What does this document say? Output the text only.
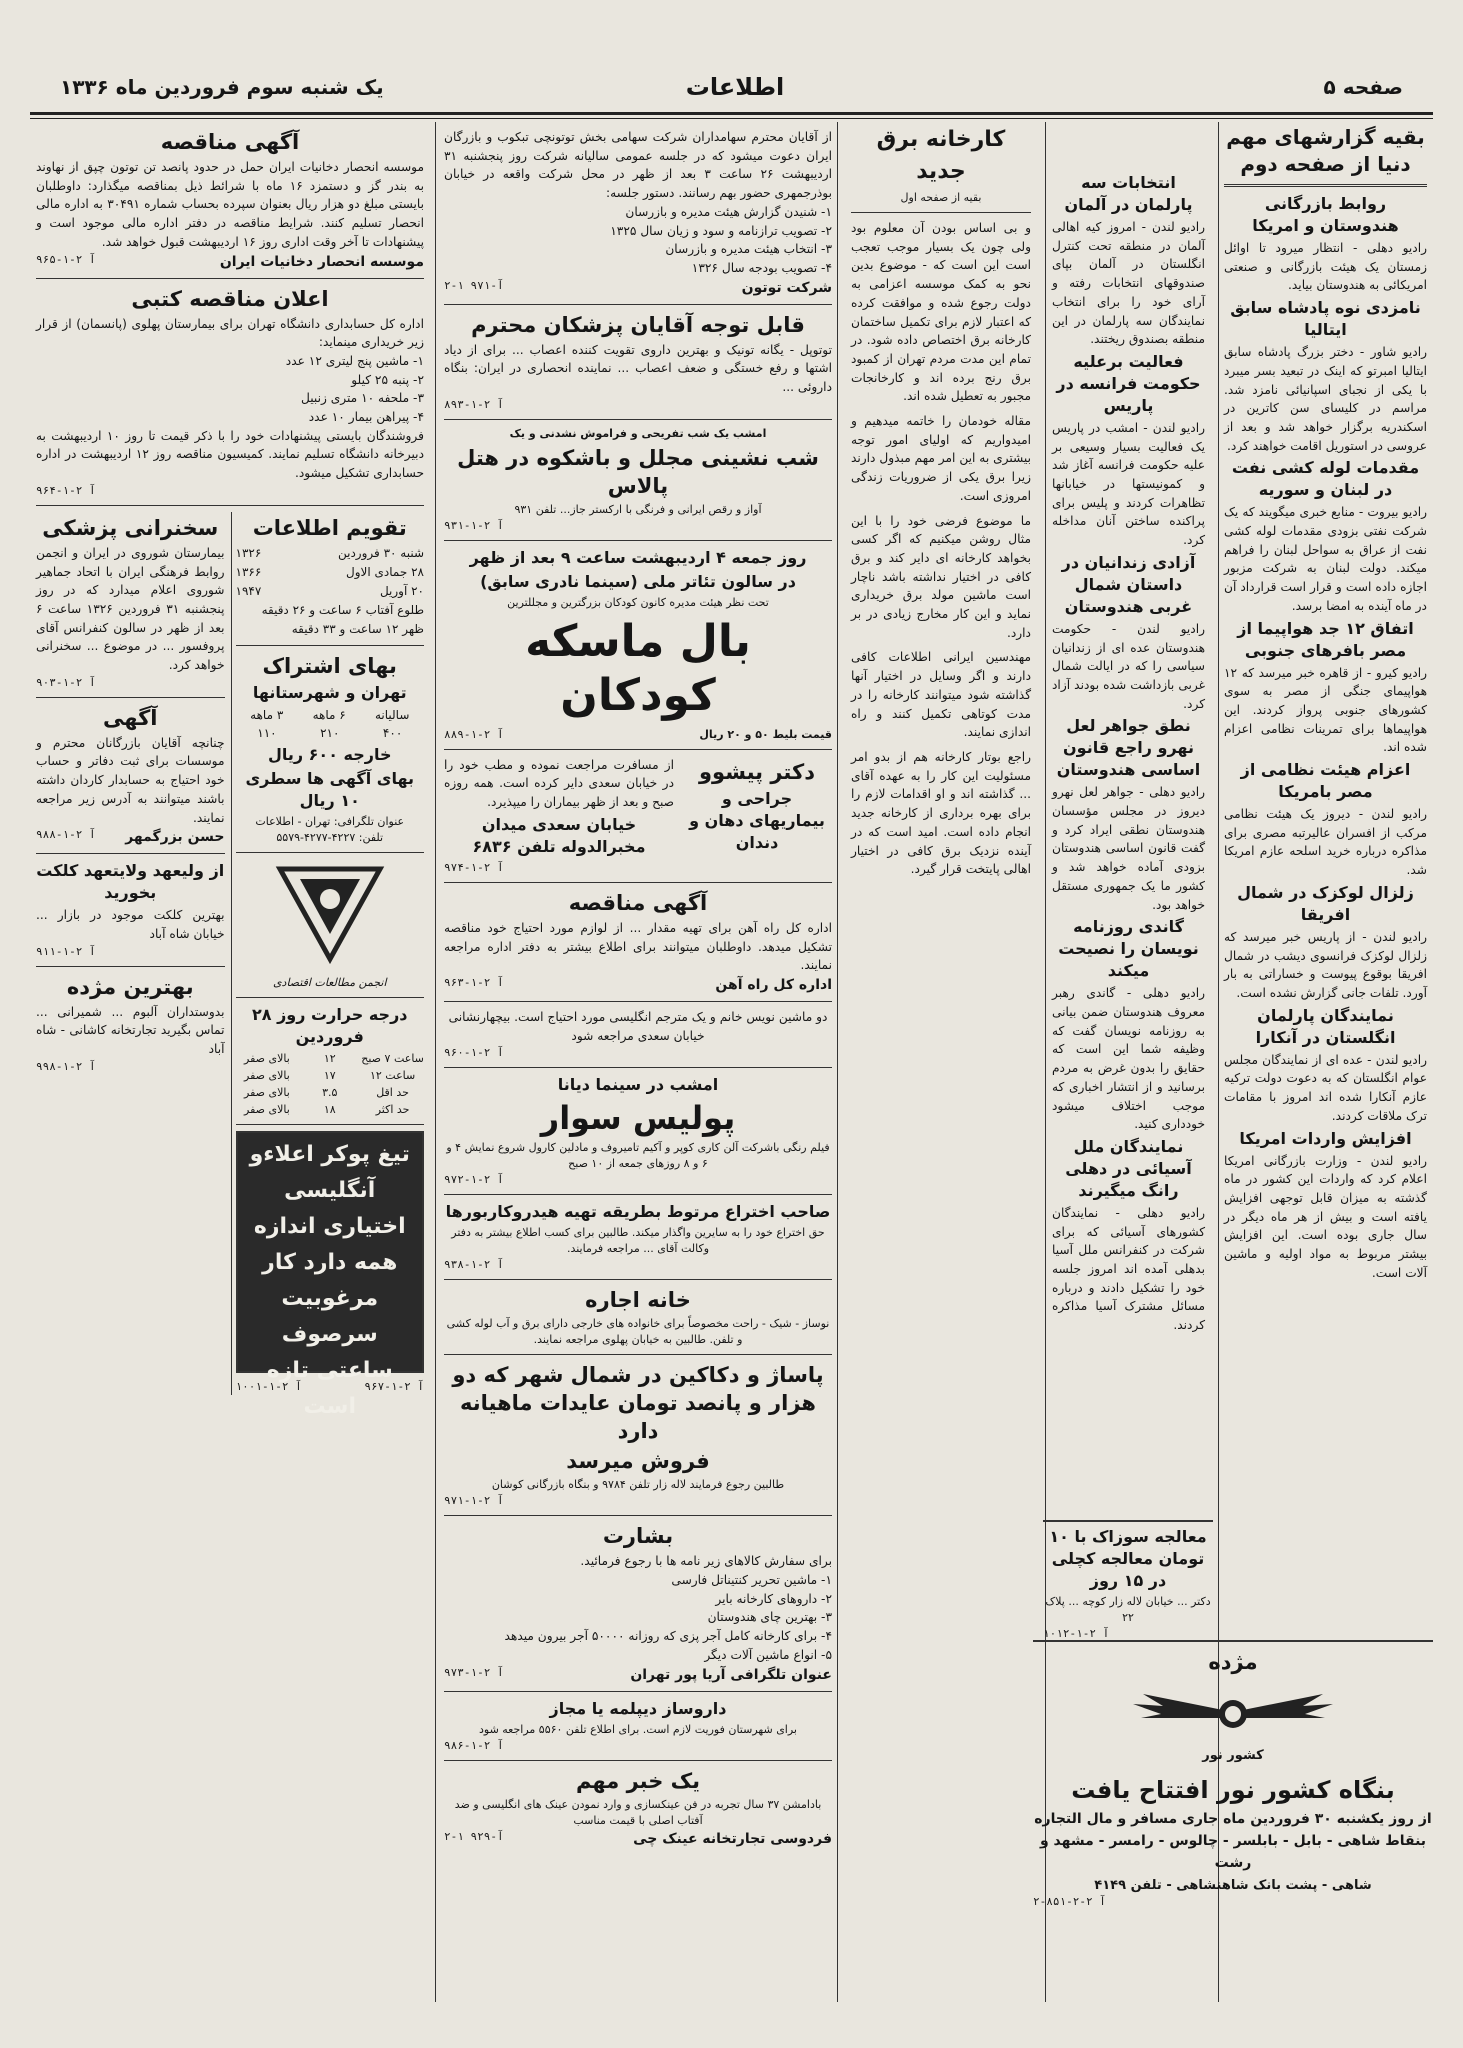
صفحه ۵
اطلاعات
یک شنبه سوم فروردین ماه ۱۳۳۶
بقیه گزارشهای مهم دنیا از صفحه دوم
روابط بازرگانی هندوستان و امریکا
رادیو دهلی - انتظار میرود تا اوائل زمستان یک هیئت بازرگانی و صنعتی امریکائی به هندوستان بیاید.
نامزدی نوه پادشاه سابق ایتالیا
رادیو شاور - دختر بزرگ پادشاه سابق ایتالیا امبرتو که اینک در تبعید بسر میبرد با یکی از نجبای اسپانیائی نامزد شد. مراسم در کلیسای سن کاترین در اسکندریه برگزار خواهد شد و بعد از عروسی در استوریل اقامت خواهند کرد.
مقدمات لوله کشی نفت در لبنان و سوریه
رادیو بیروت - منابع خبری میگویند که یک شرکت نفتی بزودی مقدمات لوله کشی نفت از عراق به سواحل لبنان را فراهم میکند. دولت لبنان به شرکت مزبور اجازه داده است و قرار است قرارداد آن در ماه آینده به امضا برسد.
اتفاق ۱۲ جد هواپیما از مصر بافرهای جنوبی
رادیو کیرو - از قاهره خبر میرسد که ۱۲ هواپیمای جنگی از مصر به سوی کشورهای جنوبی پرواز کردند. این هواپیماها برای تمرینات نظامی اعزام شده اند.
اعزام هیئت نظامی از مصر بامریکا
رادیو لندن - دیروز یک هیئت نظامی مرکب از افسران عالیرتبه مصری برای مذاکره درباره خرید اسلحه عازم امریکا شد.
زلزال لوکزک در شمال افریقا
رادیو لندن - از پاریس خبر میرسد که زلزال لوکزک فرانسوی دیشب در شمال افریقا بوقوع پیوست و خساراتی به بار آورد. تلفات جانی گزارش نشده است.
نمایندگان پارلمان انگلستان در آنکارا
رادیو لندن - عده ای از نمایندگان مجلس عوام انگلستان که به دعوت دولت ترکیه عازم آنکارا شده اند امروز با مقامات ترک ملاقات کردند.
افزایش واردات امریکا
رادیو لندن - وزارت بازرگانی امریکا اعلام کرد که واردات این کشور در ماه گذشته به میزان قابل توجهی افزایش یافته است و بیش از هر ماه دیگر در سال جاری بوده است. این افزایش بیشتر مربوط به مواد اولیه و ماشین آلات است.
مژده
کشور نور
بنگاه کشور نور افتتاح یافت
از روز یکشنبه ۳۰ فروردین ماه جاری مسافر و مال التجاره بنقاط شاهی - بابل - بابلسر - چالوس - رامسر - مشهد و رشت
شاهی - پشت بانک شاهنشاهی - تلفن ۴۱۴۹
۲-۸۵۱-آ ۲-۲
انتخابات سه پارلمان در آلمان
رادیو لندن - امروز کیه اهالی آلمان در منطقه تحت کنترل انگلستان در آلمان بپای صندوقهای انتخابات رفته و آرای خود را برای انتخاب نمایندگان سه پارلمان در این منطقه بصندوق ریختند.
فعالیت برعلیه حکومت فرانسه در پاریس
رادیو لندن - امشب در پاریس یک فعالیت بسیار وسیعی بر علیه حکومت فرانسه آغاز شد و کمونیستها در خیابانها تظاهرات کردند و پلیس برای پراکنده ساختن آنان مداخله کرد.
آزادی زندانیان در داستان شمال غربی هندوستان
رادیو لندن - حکومت هندوستان عده ای از زندانیان سیاسی را که در ایالت شمال غربی بازداشت شده بودند آزاد کرد.
نطق جواهر لعل نهرو راجع قانون اساسی هندوستان
رادیو دهلی - جواهر لعل نهرو دیروز در مجلس مؤسسان هندوستان نطقی ایراد کرد و گفت قانون اساسی هندوستان بزودی آماده خواهد شد و کشور ما یک جمهوری مستقل خواهد بود.
گاندی روزنامه نویسان را نصیحت میکند
رادیو دهلی - گاندی رهبر معروف هندوستان ضمن بیانی به روزنامه نویسان گفت که وظیفه شما این است که حقایق را بدون غرض به مردم برسانید و از انتشار اخباری که موجب اختلاف میشود خودداری کنید.
نمایندگان ملل آسیائی در دهلی رانگ میگیرند
رادیو دهلی - نمایندگان کشورهای آسیائی که برای شرکت در کنفرانس ملل آسیا بدهلی آمده اند امروز جلسه خود را تشکیل دادند و درباره مسائل مشترک آسیا مذاکره کردند.
معالجه سوزاک با ۱۰ تومان معالجه کچلی در ۱۵ روز
دکتر ... خیابان لاله زار کوچه ... پلاک ۲۲
۱۰۱۲-آ ۲-۱
کارخانه برق جدید
بقیه از صفحه اول
و بی اساس بودن آن معلوم بود ولی چون یک بسیار موجب تعجب است این است که - موضوع بدین نحو به کمک موسسه اعزامی به دولت رجوع شده و موافقت کرده که اعتبار لازم برای تکمیل ساختمان کارخانه برق اختصاص داده شود. در تمام این مدت مردم تهران از کمبود برق رنج برده اند و کارخانجات مجبور به تعطیل شده اند.
مقاله خودمان را خاتمه میدهیم و امیدواریم که اولیای امور توجه بیشتری به این امر مهم مبذول دارند زیرا برق یکی از ضروریات زندگی امروزی است.
ما موضوع فرضی خود را با این مثال روشن میکنیم که اگر کسی بخواهد کارخانه ای دایر کند و برق کافی در اختیار نداشته باشد ناچار است ماشین مولد برق خریداری نماید و این کار مخارج زیادی در بر دارد.
مهندسین ایرانی اطلاعات کافی دارند و اگر وسایل در اختیار آنها گذاشته شود میتوانند کارخانه را در مدت کوتاهی تکمیل کنند و راه اندازی نمایند.
راجع بوتار کارخانه هم از بدو امر مسئولیت این کار را به عهده آقای ... گذاشته اند و او اقدامات لازم را برای بهره برداری از کارخانه جدید انجام داده است. امید است که در آینده نزدیک برق کافی در اختیار اهالی پایتخت قرار گیرد.
از آقایان محترم سهامداران شرکت سهامی بخش توتونچی تبکوب و بازرگان ایران دعوت میشود که در جلسه عمومی سالیانه شرکت روز پنجشنبه ۳۱ اردیبهشت ۲۶ ساعت ۳ بعد از ظهر در محل شرکت واقعه در خیابان بوذرجمهری حضور بهم رسانند. دستور جلسه:
۱- شنیدن گزارش هیئت مدیره و بازرسان
۲- تصویب ترازنامه و سود و زیان سال ۱۳۲۵
۳- انتخاب هیئت مدیره و بازرسان
۴- تصویب بودجه سال ۱۳۲۶
شرکت توتون
۲-۱ ۹۷۱-آ
قابل توجه آقایان پزشکان محترم
توتوپل - یگانه تونیک و بهترین داروی تقویت کننده اعصاب ... برای از دیاد اشتها و رفع خستگی و ضعف اعصاب ... نماینده انحصاری در ایران: بنگاه داروئی ...
۸۹۳-آ ۲-۱
امشب یک شب تفریحی و فراموش نشدنی و یک
شب نشینی مجلل و باشکوه در هتل پالاس
آواز و رقص ایرانی و فرنگی با ارکستر جاز... تلفن ۹۳۱
۹۳۱-آ ۲-۱
روز جمعه ۴ اردیبهشت ساعت ۹ بعد از ظهر
در سالون تئاتر ملی (سینما نادری سابق)
تحت نظر هیئت مدیره کانون کودکان بزرگترین و مجللترین
بال ماسکه کودکان
قیمت بلیط ۵۰ و ۲۰ ریال
۸۸۹-آ ۲-۱
دکتر پیشوو
جراحی و بیماریهای دهان و دندان
از مسافرت مراجعت نموده و مطب خود را در خیابان سعدی دایر کرده است. همه روزه صبح و بعد از ظهر بیماران را میپذیرد.
خیابان سعدی میدان مخبرالدوله تلفن ۶۸۳۶
۹۷۴-آ ۲-۱
آگهی مناقصه
اداره کل راه آهن برای تهیه مقدار ... از لوازم مورد احتیاج خود مناقصه تشکیل میدهد. داوطلبان میتوانند برای اطلاع بیشتر به دفتر اداره مراجعه نمایند.
اداره کل راه آهن
۹۶۳-آ ۲-۱
دو ماشین نویس خانم و یک مترجم انگلیسی مورد احتیاج است. بیچهارنشانی خیابان سعدی مراجعه شود
۹۶۰-آ ۲-۱
امشب در سینما دیانا
پولیس سوار
فیلم رنگی باشرکت آلن کاری کوپر و آکیم تامیروف و مادلین کارول شروع نمایش ۴ و ۶ و ۸ روزهای جمعه از ۱۰ صبح
۹۷۲-آ ۲-۱
صاحب اختراع مرتوط بطریقه تهیه هیدروکاربورها
حق اختراع خود را به سایرین واگذار میکند. طالبین برای کسب اطلاع بیشتر به دفتر وکالت آقای ... مراجعه فرمایند.
۹۳۸-آ ۲-۱
خانه اجاره
نوساز - شیک - راحت مخصوصاً برای خانواده های خارجی دارای برق و آب لوله کشی و تلفن. طالبین به خیابان پهلوی مراجعه نمایند.
پاساژ و دکاکین در شمال شهر که دو هزار و پانصد تومان عایدات ماهیانه دارد
فروش میرسد
طالبین رجوع فرمایند لاله زار تلفن ۹۷۸۴ و بنگاه بازرگانی کوشان
۹۷۱-آ ۲-۱
بشارت
برای سفارش کالاهای زیر نامه ها با رجوع فرمائید.
۱- ماشین تحریر کنتیناتل فارسی
۲- داروهای کارخانه بایر
۳- بهترین چای هندوستان
۴- برای کارخانه کامل آجر پزی که روزانه ۵۰۰۰۰ آجر بیرون میدهد
۵- انواع ماشین آلات دیگر
عنوان تلگرافی آریا پور تهران
۹۷۳-آ ۲-۱
داروساز دیپلمه یا مجاز
برای شهرستان فوریت لازم است. برای اطلاع تلفن ۵۵۶۰ مراجعه شود
۹۸۶-آ ۲-۱
یک خبر مهم
بادامشن ۳۷ سال تجربه در فن عینکسازی و وارد نمودن عینک های انگلیسی و ضد آفتاب اصلی با قیمت مناسب
فردوسی تجارتخانه عینک چی
۲-۱ ۹۲۹-آ
آگهی مناقصه
موسسه انحصار دخانیات ایران حمل در حدود پانصد تن توتون چپق از نهاوند به بندر گز و دستمزد ۱۶ ماه با شرائط ذیل بمناقصه میگذارد: داوطلبان بایستی مبلغ دو هزار ریال بعنوان سپرده بحساب شماره ۳۰۴۹۱ به اداره مالی انحصار تسلیم کنند. شرایط مناقصه در دفتر اداره مالی موجود است و پیشنهادات تا آخر وقت اداری روز ۱۶ اردیبهشت قبول خواهد شد.
موسسه انحصار دخانیات ایران
۹۶۵-آ ۲-۱
اعلان مناقصه کتبی
اداره کل حسابداری دانشگاه تهران برای بیمارستان پهلوی (پانسمان) از قرار زیر خریداری مینماید:
۱- ماشین پنج لیتری ۱۲ عدد
۲- پنبه ۲۵ کیلو
۳- ملحفه ۱۰ متری زنبیل
۴- پیراهن بیمار ۱۰ عدد
فروشندگان بایستی پیشنهادات خود را با ذکر قیمت تا روز ۱۰ اردیبهشت به دبیرخانه دانشگاه تسلیم نمایند. کمیسیون مناقصه روز ۱۲ اردیبهشت در اداره حسابداری تشکیل میشود.
۹۶۴-آ ۲-۱
تقویم اطلاعات
شنبه ۳۰ فروردین
۱۳۲۶
۲۸ جمادی الاول
۱۳۶۶
۲۰ آوریل
۱۹۴۷
طلوع آفتاب ۶ ساعت و ۲۶ دقیقه
ظهر ۱۲ ساعت و ۳۳ دقیقه
بهای اشتراک
تهران و شهرستانها
سالیانه
۶ ماهه
۳ ماهه
۴۰۰
۲۱۰
۱۱۰
خارجه ۶۰۰ ریال
بهای آگهی ها سطری ۱۰ ریال
عنوان تلگرافی: تهران - اطلاعات
تلفن: ۴۲۲۷-۴۲۷۷-۵۵۷۹
انجمن مطالعات اقتصادی
درجه حرارت روز ۲۸ فروردین
ساعت ۷ صبح
۱۲
بالای صفر
ساعت ۱۲
۱۷
بالای صفر
حد اقل
۳.۵
بالای صفر
حد اکثر
۱۸
بالای صفر
تیغ پوکر اعلاءو آنگلیسی اختیاری اندازه همه دارد کار مرغوبیت سرصوف ساعتی تازه است
۹۶۷-آ ۲-۱
۱۰۰۱-آ ۲-۱
سخنرانی پزشکی
بیمارستان شوروی در ایران و انجمن روابط فرهنگی ایران با اتحاد جماهیر شوروی اعلام میدارد که در روز پنجشنبه ۳۱ فروردین ۱۳۲۶ ساعت ۶ بعد از ظهر در سالون کنفرانس آقای پروفسور ... در موضوع ... سخنرانی خواهد کرد.
۹۰۳-آ ۲-۱
آگهی
چنانچه آقایان بازرگانان محترم و موسسات برای ثبت دفاتر و حساب خود احتیاج به حسابدار کاردان داشته باشند میتوانند به آدرس زیر مراجعه نمایند.
حسن بزرگمهر
۹۸۸-آ ۲-۱
از ولیعهد ولایتعهد کلکت بخورید
بهترین کلکت موجود در بازار ... خیابان شاه آباد
۹۱۱-آ ۲-۱
بهترین مژده
بدوستداران آلبوم ... شمیرانی ... تماس بگیرید تجارتخانه کاشانی - شاه آباد
۹۹۸-آ ۲-۱
